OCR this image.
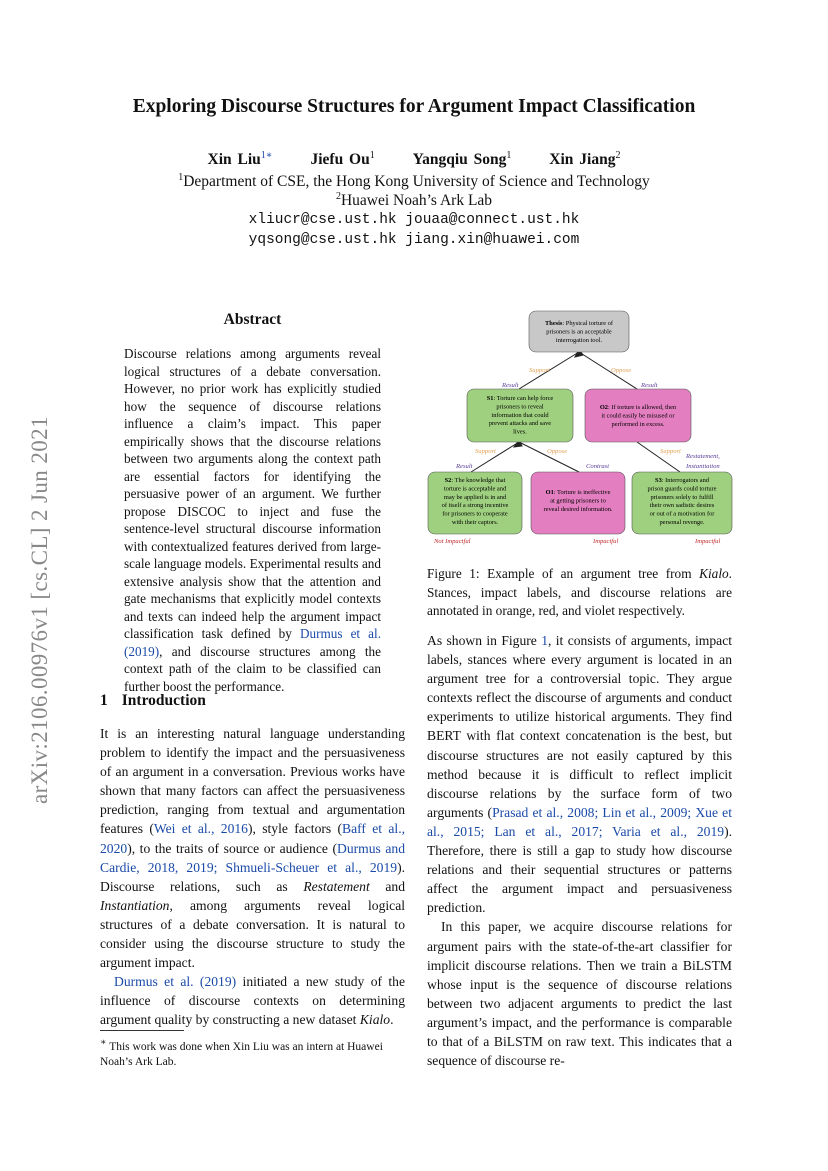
Exploring Discourse Structures for Argument Impact Classification
Xin Liu$^{1∗}$ Jiefu Ou$^1$ Yangqiu Song$^1$ Xin Jiang$^2$
$^1$Department of CSE, the Hong Kong University of Science and Technology
$^2$Huawei Noah’s Ark Lab
xliucr@cse.ust.hk jouaa@connect.ust.hk
yqsong@cse.ust.hk jiang.xin@huawei.com
arXiv:2106.00976v1 [cs.CL] 2 Jun 2021
Abstract
Discourse relations among arguments reveal logical structures of a debate conversation. However, no prior work has explicitly studied how the sequence of discourse relations influence a claim’s impact. This paper empirically shows that the discourse relations between two arguments along the context path are essential factors for identifying the persuasive power of an argument. We further propose DISCOC to inject and fuse the sentence-level structural discourse information with contextualized features derived from large-scale language models. Experimental results and extensive analysis show that the attention and gate mechanisms that explicitly model contexts and texts can indeed help the argument impact classification task defined by Durmus et al. (2019), and discourse structures among the context path of the claim to be classified can further boost the performance.
1 Introduction

It is an interesting natural language understanding problem to identify the impact and the persuasiveness of an argument in a conversation. Previous works have shown that many factors can affect the persuasiveness prediction, ranging from textual and argumentation features (Wei et al., 2016), style factors (Baff et al., 2020), to the traits of source or audience (Durmus and Cardie, 2018, 2019; Shmueli-Scheuer et al., 2019). Discourse relations, such as Restatement and Instantiation, among arguments reveal logical structures of a debate conversation. It is natural to consider using the discourse structure to study the argument impact.

Durmus et al. (2019) initiated a new study of the influence of discourse contexts on determining argument quality by constructing a new dataset Kialo.

∗ This work was done when Xin Liu was an intern at Huawei Noah’s Ark Lab.
Thesis: Physical torture of
prisoners is an acceptable
interrogation tool.
S1: Torture can help force
prisoners to reveal
information that could
prevent attacks and save
lives.
O2: If torture is allowed, then
it could easily be misused or
performed in excess.
S2: The knowledge that
torture is acceptable and
may be applied is in and
of itself a strong incentive
for prisoners to cooperate
with their captors.
O1: Torture is ineffective
at getting prisoners to
reveal desired information.
S3: Interrogators and
prison guards could torture
prisoners solely to fulfill
their own sadistic desires
or out of a motivation for
personal revenge.
Support	Oppose
Result	Result
Support	Oppose	Support
Restatement,
Instantiation
Result	Contrast
Not Impactful	Impactful	Impactful
Figure 1: Example of an argument tree from Kialo. Stances, impact labels, and discourse relations are annotated in orange, red, and violet respectively.

As shown in Figure 1, it consists of arguments, impact labels, stances where every argument is located in an argument tree for a controversial topic. They argue contexts reflect the discourse of arguments and conduct experiments to utilize historical arguments. They find BERT with flat context concatenation is the best, but discourse structures are not easily captured by this method because it is difficult to reflect implicit discourse relations by the surface form of two arguments (Prasad et al., 2008; Lin et al., 2009; Xue et al., 2015; Lan et al., 2017; Varia et al., 2019). Therefore, there is still a gap to study how discourse relations and their sequential structures or patterns affect the argument impact and persuasiveness prediction.

In this paper, we acquire discourse relations for argument pairs with the state-of-the-art classifier for implicit discourse relations. Then we train a BiLSTM whose input is the sequence of discourse relations between two adjacent arguments to predict the last argument’s impact, and the performance is comparable to that of a BiLSTM on raw text. This indicates that a sequence of discourse re-
